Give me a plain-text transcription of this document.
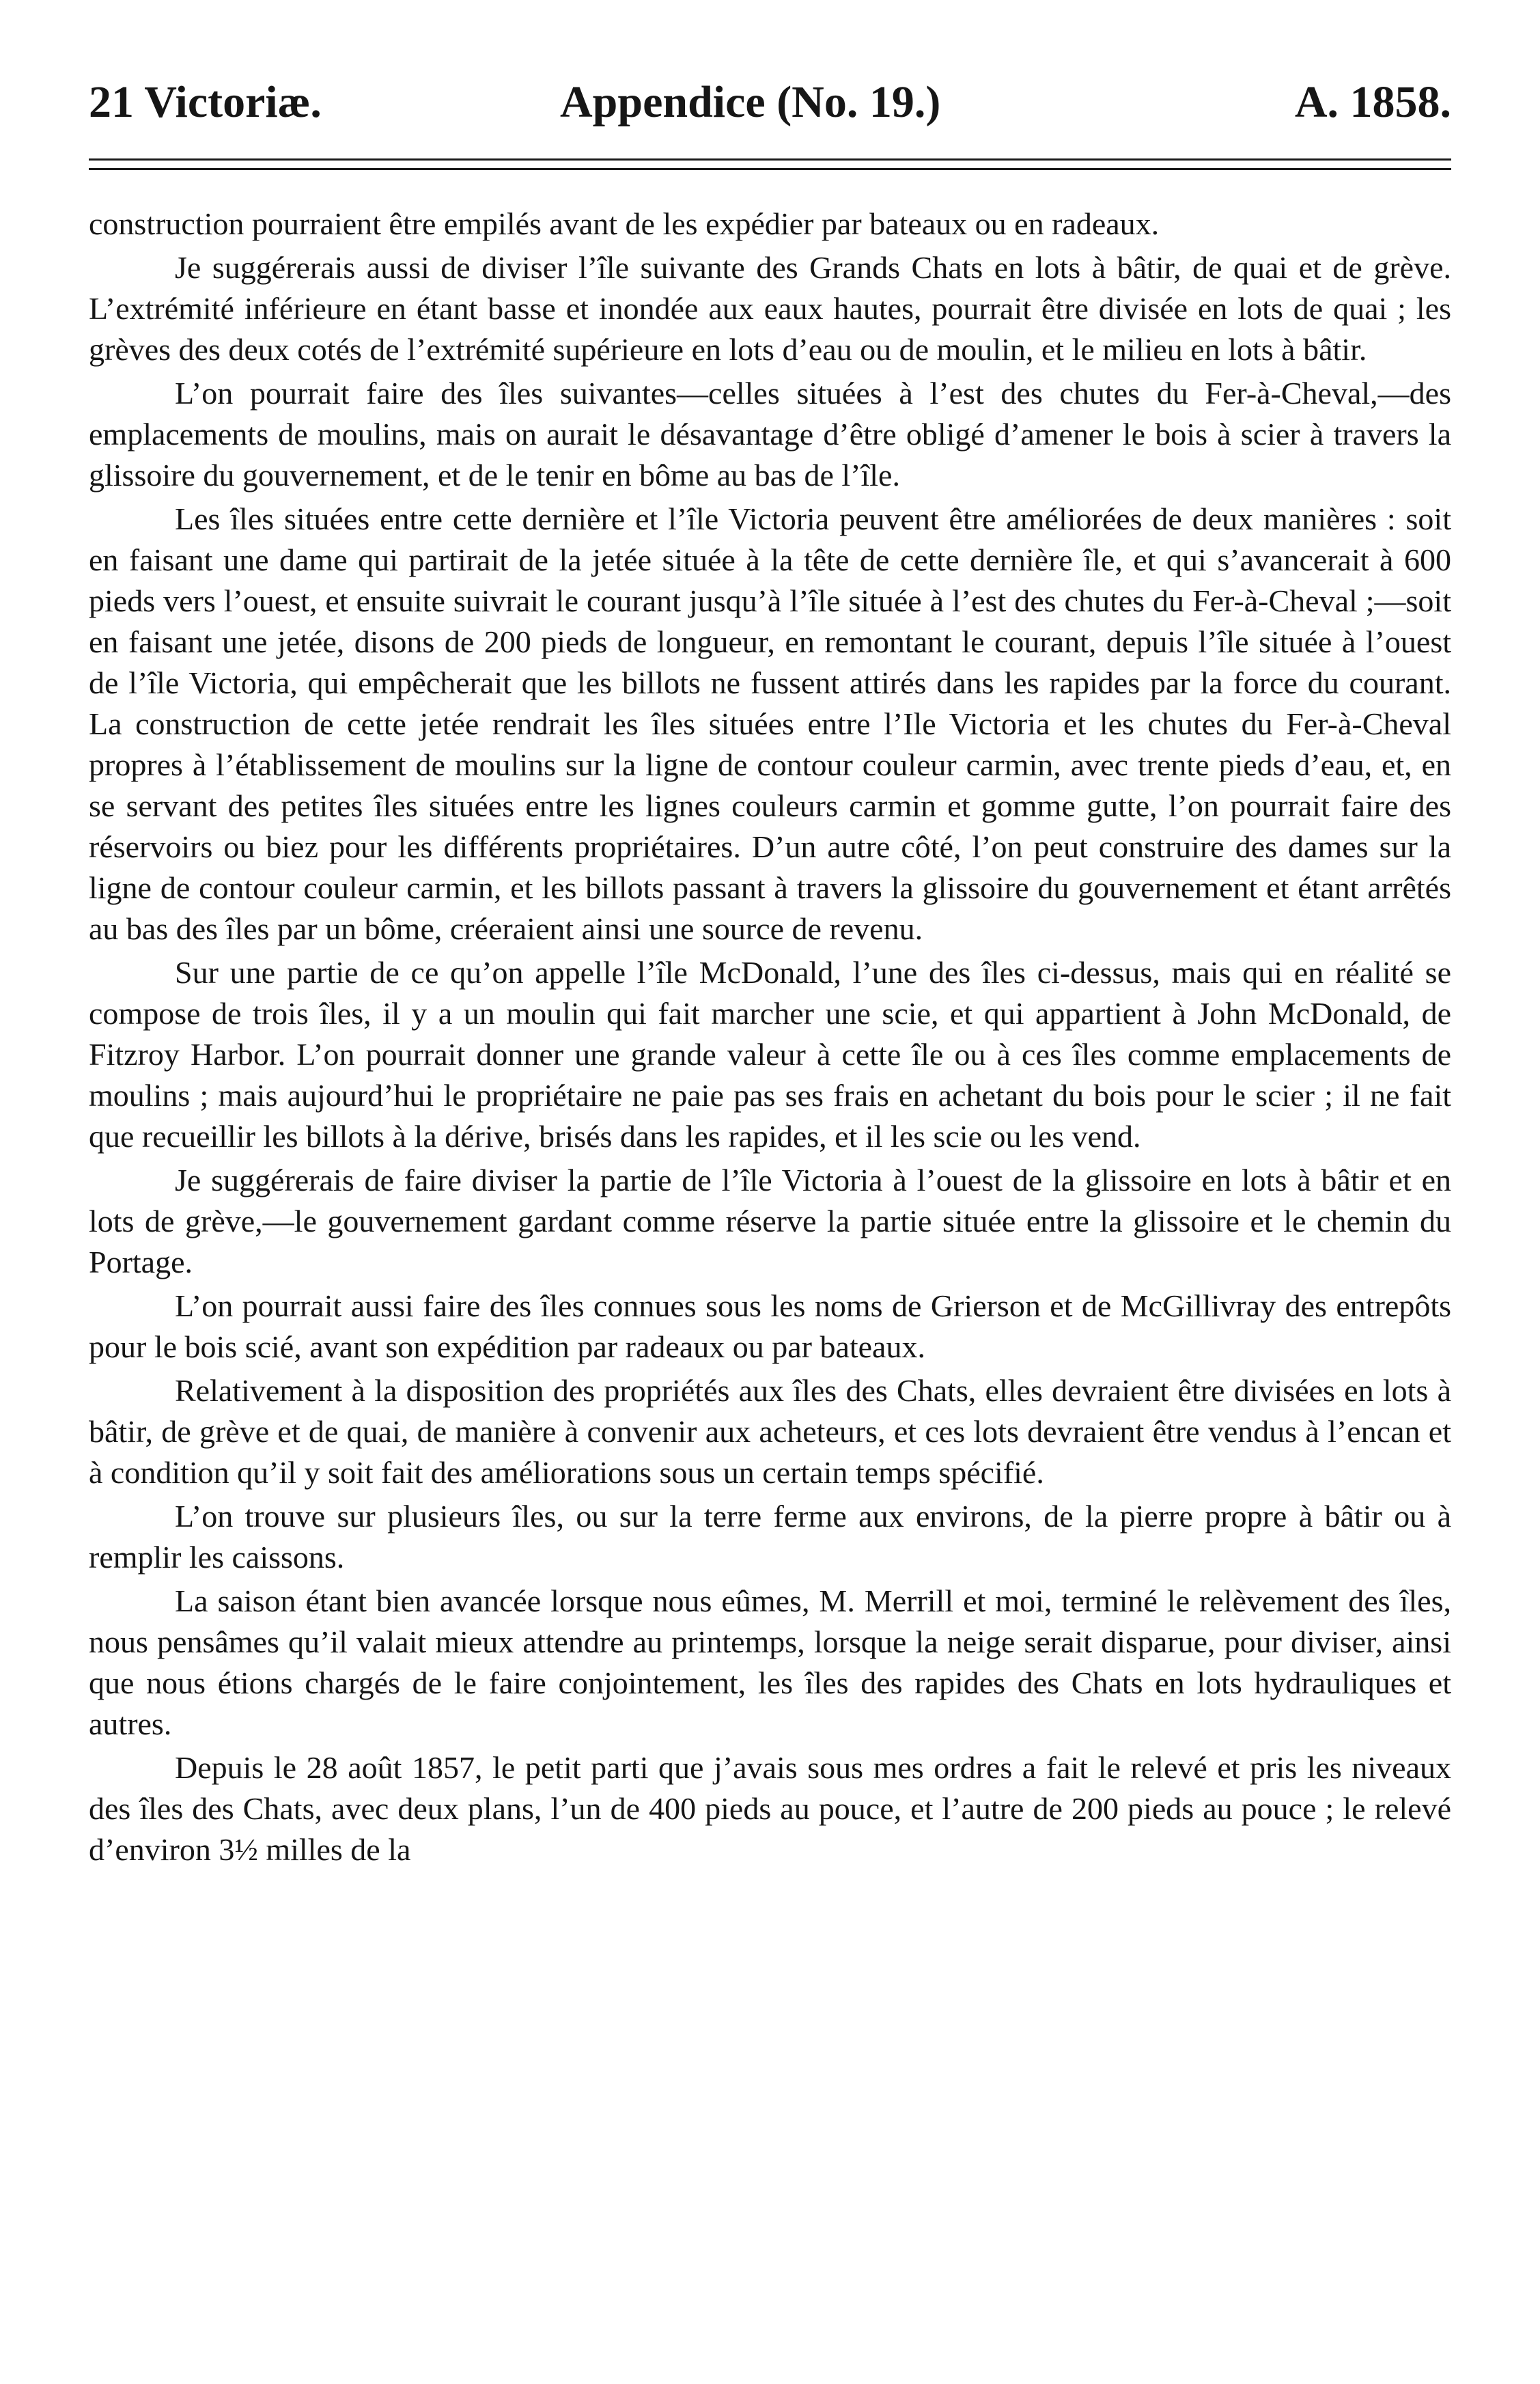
21 Victoriæ.	Appendice (No. 19.)	A. 1858.

construction pourraient être empilés avant de les expédier par bateaux ou en radeaux.

Je suggérerais aussi de diviser l’île suivante des Grands Chats en lots à bâtir, de quai et de grève. L’extrémité inférieure en étant basse et inondée aux eaux hautes, pourrait être divisée en lots de quai ; les grèves des deux cotés de l’extrémité supérieure en lots d’eau ou de moulin, et le milieu en lots à bâtir.

L’on pourrait faire des îles suivantes—celles situées à l’est des chutes du Fer-à-Cheval,—des emplacements de moulins, mais on aurait le désavantage d’être obligé d’amener le bois à scier à travers la glissoire du gouvernement, et de le tenir en bôme au bas de l’île.

Les îles situées entre cette dernière et l’île Victoria peuvent être améliorées de deux manières : soit en faisant une dame qui partirait de la jetée située à la tête de cette dernière île, et qui s’avancerait à 600 pieds vers l’ouest, et ensuite suivrait le courant jusqu’à l’île située à l’est des chutes du Fer-à-Cheval ;—soit en faisant une jetée, disons de 200 pieds de longueur, en remontant le courant, depuis l’île située à l’ouest de l’île Victoria, qui empêcherait que les billots ne fussent attirés dans les rapides par la force du courant. La construction de cette jetée rendrait les îles situées entre l’Ile Victoria et les chutes du Fer-à-Cheval propres à l’établissement de moulins sur la ligne de contour couleur carmin, avec trente pieds d’eau, et, en se servant des petites îles situées entre les lignes couleurs carmin et gomme gutte, l’on pourrait faire des réservoirs ou biez pour les différents propriétaires. D’un autre côté, l’on peut construire des dames sur la ligne de contour couleur carmin, et les billots passant à travers la glissoire du gouvernement et étant arrêtés au bas des îles par un bôme, créeraient ainsi une source de revenu.

Sur une partie de ce qu’on appelle l’île McDonald, l’une des îles ci-dessus, mais qui en réalité se compose de trois îles, il y a un moulin qui fait marcher une scie, et qui appartient à John McDonald, de Fitzroy Harbor. L’on pourrait donner une grande valeur à cette île ou à ces îles comme emplacements de moulins ; mais aujourd’hui le propriétaire ne paie pas ses frais en achetant du bois pour le scier ; il ne fait que recueillir les billots à la dérive, brisés dans les rapides, et il les scie ou les vend.

Je suggérerais de faire diviser la partie de l’île Victoria à l’ouest de la glissoire en lots à bâtir et en lots de grève,—le gouvernement gardant comme réserve la partie située entre la glissoire et le chemin du Portage.

L’on pourrait aussi faire des îles connues sous les noms de Grierson et de McGillivray des entrepôts pour le bois scié, avant son expédition par radeaux ou par bateaux.

Relativement à la disposition des propriétés aux îles des Chats, elles devraient être divisées en lots à bâtir, de grève et de quai, de manière à convenir aux acheteurs, et ces lots devraient être vendus à l’encan et à condition qu’il y soit fait des améliorations sous un certain temps spécifié.

L’on trouve sur plusieurs îles, ou sur la terre ferme aux environs, de la pierre propre à bâtir ou à remplir les caissons.

La saison étant bien avancée lorsque nous eûmes, M. Merrill et moi, terminé le relèvement des îles, nous pensâmes qu’il valait mieux attendre au printemps, lorsque la neige serait disparue, pour diviser, ainsi que nous étions chargés de le faire conjointement, les îles des rapides des Chats en lots hydrauliques et autres.

Depuis le 28 août 1857, le petit parti que j’avais sous mes ordres a fait le relevé et pris les niveaux des îles des Chats, avec deux plans, l’un de 400 pieds au pouce, et l’autre de 200 pieds au pouce ; le relevé d’environ 3½ milles de la
